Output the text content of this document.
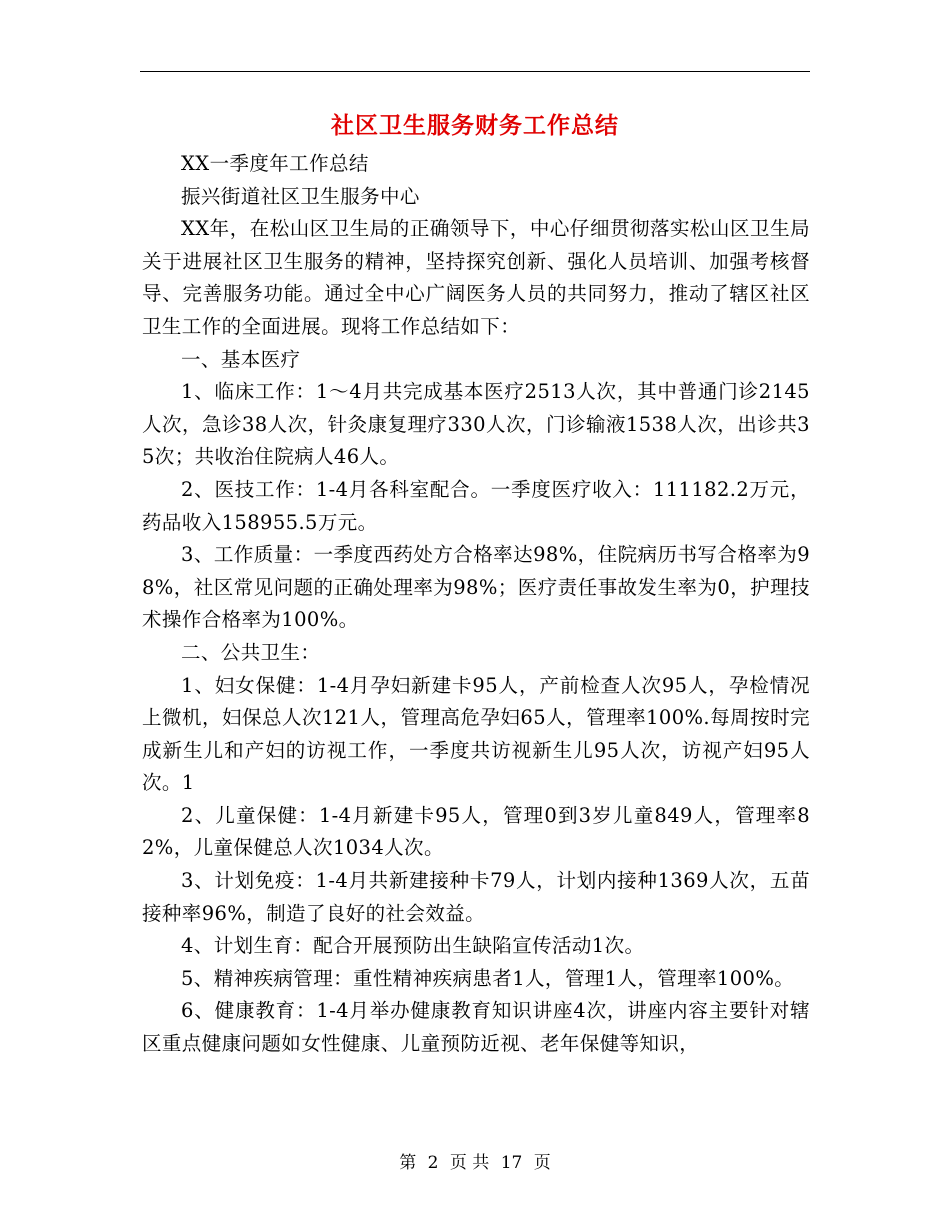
社区卫生服务财务工作总结

XX一季度年工作总结

振兴街道社区卫生服务中心

XX年，在松山区卫生局的正确领导下，中心仔细贯彻落实松山区卫生局关于进展社区卫生服务的精神，坚持探究创新、强化人员培训、加强考核督导、完善服务功能。通过全中心广阔医务人员的共同努力，推动了辖区社区卫生工作的全面进展。现将工作总结如下：

一、基本医疗

1、临床工作：1～4月共完成基本医疗2513人次，其中普通门诊2145人次，急诊38人次，针灸康复理疗330人次，门诊输液1538人次，出诊共35次；共收治住院病人46人。

2、医技工作：1-4月各科室配合。一季度医疗收入：111182.2万元，药品收入158955.5万元。

3、工作质量：一季度西药处方合格率达98%，住院病历书写合格率为98%，社区常见问题的正确处理率为98%；医疗责任事故发生率为0，护理技术操作合格率为100%。

二、公共卫生：

1、妇女保健：1-4月孕妇新建卡95人，产前检查人次95人，孕检情况上微机，妇保总人次121人，管理高危孕妇65人，管理率100%.每周按时完成新生儿和产妇的访视工作，一季度共访视新生儿95人次，访视产妇95人次。1

2、儿童保健：1-4月新建卡95人，管理0到3岁儿童849人，管理率82%，儿童保健总人次1034人次。

3、计划免疫：1-4月共新建接种卡79人，计划内接种1369人次，五苗接种率96%，制造了良好的社会效益。

4、计划生育：配合开展预防出生缺陷宣传活动1次。

5、精神疾病管理：重性精神疾病患者1人，管理1人，管理率100%。

6、健康教育：1-4月举办健康教育知识讲座4次，讲座内容主要针对辖区重点健康问题如女性健康、儿童预防近视、老年保健等知识，

第 2 页 共 17 页
